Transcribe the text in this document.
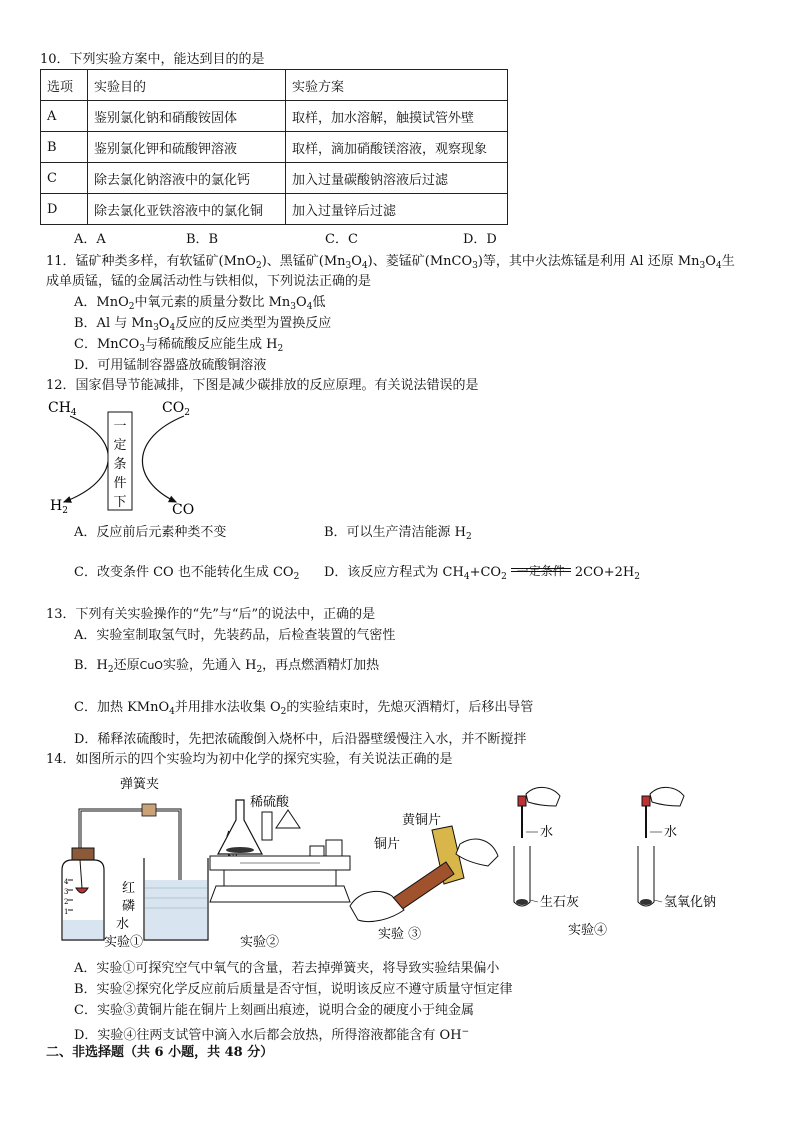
10．下列实验方案中，能达到目的的是
选项	实验目的	实验方案
A	鉴别氯化钠和硝酸铵固体	取样，加水溶解，触摸试管外壁
B	鉴别氯化钾和硫酸钾溶液	取样，滴加硝酸镁溶液，观察现象
C	除去氯化钠溶液中的氯化钙	加入过量碳酸钠溶液后过滤
D	除去氯化亚铁溶液中的氯化铜	加入过量锌后过滤
A．A	B．B	C．C	D．D
11．锰矿种类多样，有软锰矿(MnO$_2$)、黑锰矿$(Mn_3O_4)$、菱锰矿(MnCO$_3$)等，其中火法炼锰是利用 Al 还原 $Mn_3O_4$生
成单质锰，锰的金属活动性与铁相似，下列说法正确的是
A．MnO$_2$中氧元素的质量分数比 $Mn_3O_4$低
B．Al 与 $Mn_3O_4$反应的反应类型为置换反应
C．MnCO$_3$与稀硫酸反应能生成 $H_2$
D．可用锰制容器盛放硫酸铜溶液
12．国家倡导节能减排，下图是减少碳排放的反应原理。有关说法错误的是
$CH_4$	$CO_2$
$H_2$	CO
一
定
条
件
下
A．反应前后元素种类不变	B．可以生产清洁能源 $H_2$
C．改变条件 CO 也不能转化生成 $CO_2$ D．该反应方程式为 $CH_4+CO_2$ 一定条件 $2CO+2H_2$
13．下列有关实验操作的“先”与“后”的说法中，正确的是
A．实验室制取氢气时，先装药品，后检查装置的气密性
B．$H_2$还原CuO实验，先通入 $H_2$，再点燃酒精灯加热
C．加热 KMnO$_4$并用排水法收集 $O_2$的实验结束时，先熄灭酒精灯，后移出导管
D．稀释浓硫酸时，先把浓硫酸倒入烧杯中，后沿器壁缓慢注入水，并不断搅拌
14．如图所示的四个实验均为初中化学的探究实验，有关说法正确的是
弹簧夹
1
2
3
4	红
磷
水
实验①
稀硫酸
实验②
黄铜片
铜片
实验 ③
水
生石灰
水
氢氧化钠
实验④
A．实验①可探究空气中氧气的含量，若去掉弹簧夹，将导致实验结果偏小
B．实验②探究化学反应前后质量是否守恒，说明该反应不遵守质量守恒定律
C．实验③黄铜片能在铜片上刻画出痕迹，说明合金的硬度小于纯金属
D．实验④往两支试管中滴入水后都会放热，所得溶液都能含有 OH−
二、非选择题（共 6 小题，共 48 分）
